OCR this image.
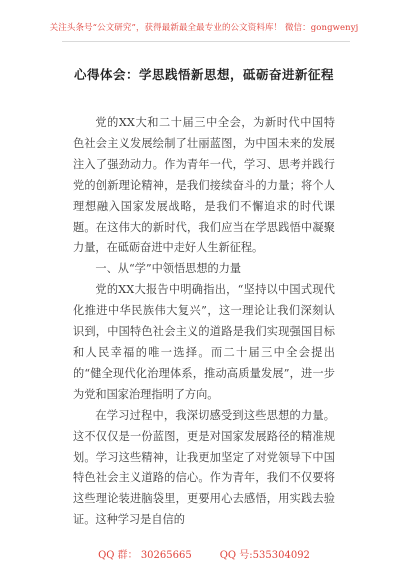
关注头条号“公文研究”，获得最新最全最专业的公文资料库！ 微信：gongwenyj
心得体会：学思践悟新思想，砥砺奋进新征程

党的XX大和二十届三中全会，为新时代中国特色社会主义发展绘制了壮丽蓝图，为中国未来的发展注入了强劲动力。作为青年一代，学习、思考并践行党的创新理论精神，是我们接续奋斗的力量；将个人理想融入国家发展战略，是我们不懈追求的时代课题。在这伟大的新时代，我们应当在学思践悟中凝聚力量，在砥砺奋进中走好人生新征程。

一、从“学”中领悟思想的力量

党的XX大报告中明确指出，“坚持以中国式现代化推进中华民族伟大复兴”，这一理论让我们深刻认识到，中国特色社会主义的道路是我们实现强国目标和人民幸福的唯一选择。而二十届三中全会提出的“健全现代化治理体系，推动高质量发展”，进一步为党和国家治理指明了方向。

在学习过程中，我深切感受到这些思想的力量。这不仅仅是一份蓝图，更是对国家发展路径的精准规划。学习这些精神，让我更加坚定了对党领导下中国特色社会主义道路的信心。作为青年，我们不仅要将这些理论装进脑袋里，更要用心去感悟，用实践去验证。这种学习是自信的

QQ 群： 30265665	QQ 号:535304092
